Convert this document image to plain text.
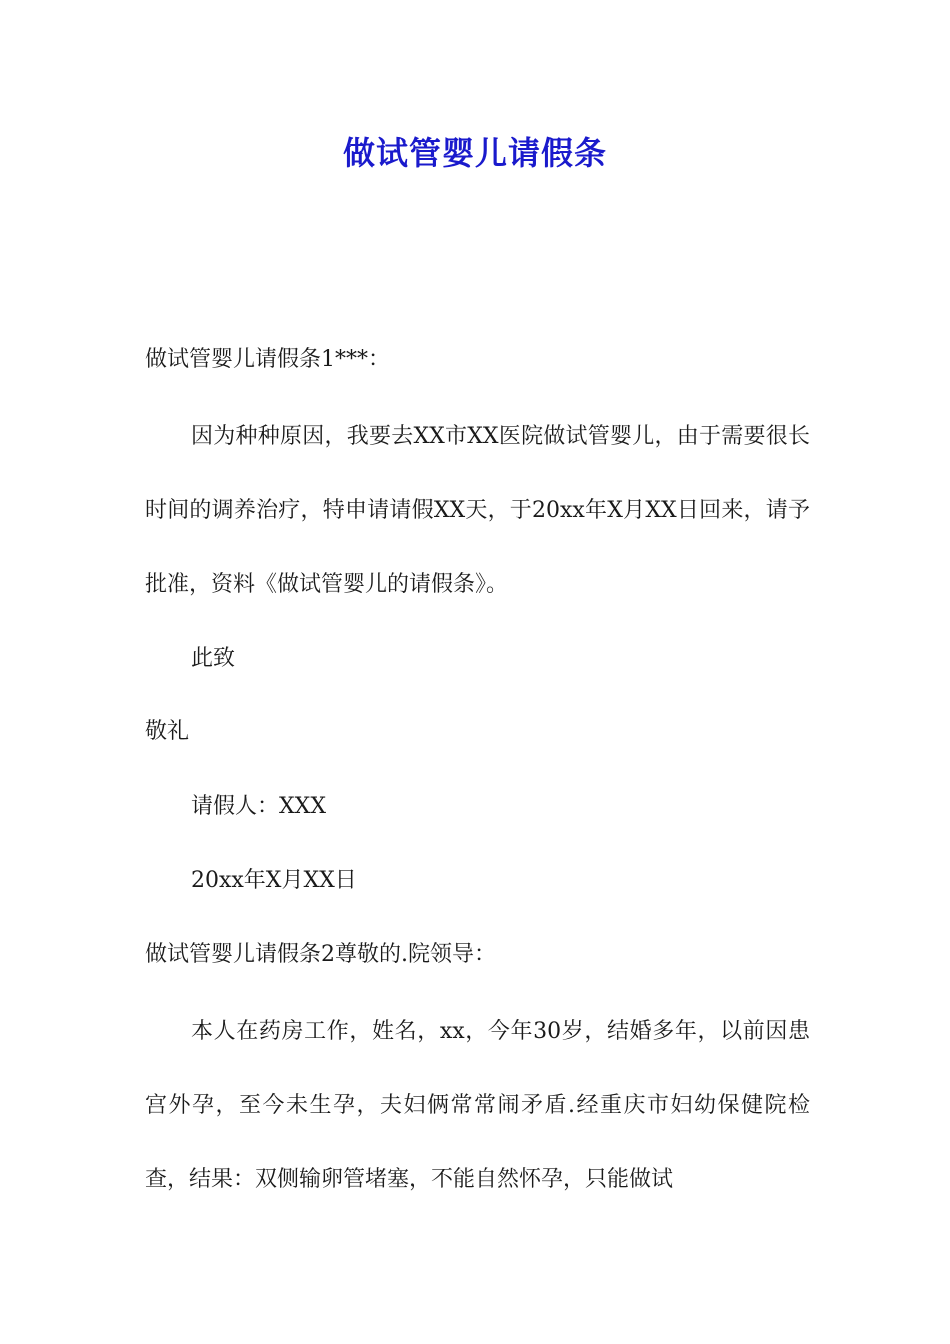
做试管婴儿请假条
做试管婴儿请假条1***：

因为种种原因，我要去XX市XX医院做试管婴儿，由于需要很长时间的调养治疗，特申请请假XX天，于20xx年X月XX日回来，请予批准，资料《做试管婴儿的请假条》。

此致
敬礼
请假人：XXX
20xx年X月XX日
做试管婴儿请假条2尊敬的.院领导：

本人在药房工作，姓名，xx，今年30岁，结婚多年，以前因患宫外孕，至今未生孕，夫妇俩常常闹矛盾.经重庆市妇幼保健院检查，结果：双侧输卵管堵塞，不能自然怀孕，只能做试
